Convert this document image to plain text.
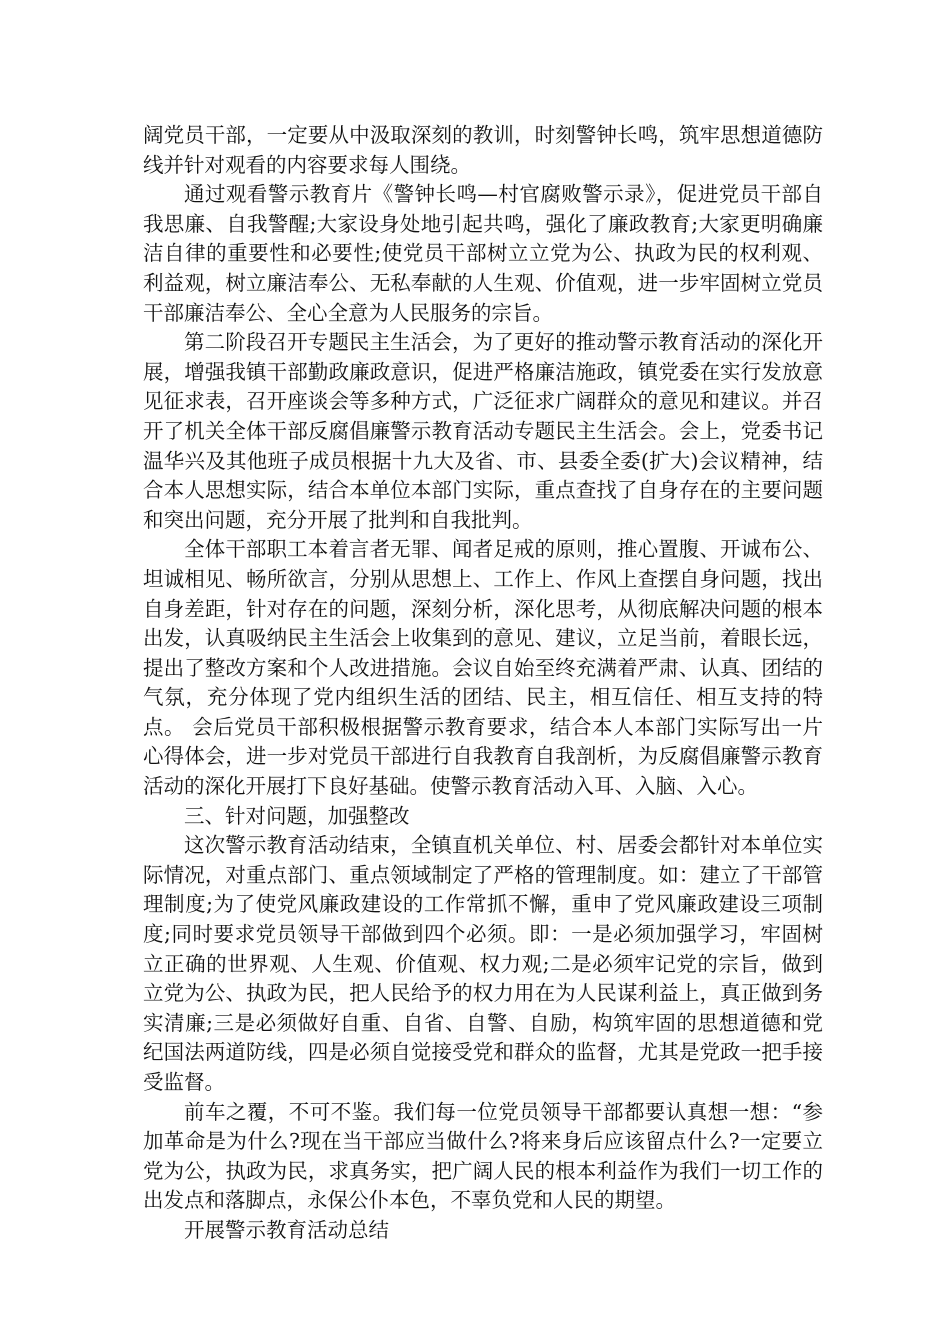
阔党员干部，一定要从中汲取深刻的教训，时刻警钟长鸣，筑牢思想道德防线并针对观看的内容要求每人围绕。

通过观看警示教育片《警钟长鸣—村官腐败警示录》，促进党员干部自我思廉、自我警醒;大家设身处地引起共鸣，强化了廉政教育;大家更明确廉洁自律的重要性和必要性;使党员干部树立立党为公、执政为民的权利观、利益观，树立廉洁奉公、无私奉献的人生观、价值观，进一步牢固树立党员干部廉洁奉公、全心全意为人民服务的宗旨。

第二阶段召开专题民主生活会，为了更好的推动警示教育活动的深化开展，增强我镇干部勤政廉政意识，促进严格廉洁施政，镇党委在实行发放意见征求表，召开座谈会等多种方式，广泛征求广阔群众的意见和建议。并召开了机关全体干部反腐倡廉警示教育活动专题民主生活会。会上，党委书记温华兴及其他班子成员根据十九大及省、市、县委全委(扩大)会议精神，结合本人思想实际，结合本单位本部门实际，重点查找了自身存在的主要问题和突出问题，充分开展了批判和自我批判。

全体干部职工本着言者无罪、闻者足戒的原则，推心置腹、开诚布公、坦诚相见、畅所欲言，分别从思想上、工作上、作风上查摆自身问题，找出自身差距，针对存在的问题，深刻分析，深化思考，从彻底解决问题的根本出发，认真吸纳民主生活会上收集到的意见、建议，立足当前，着眼长远，提出了整改方案和个人改进措施。会议自始至终充满着严肃、认真、团结的气氛，充分体现了党内组织生活的团结、民主，相互信任、相互支持的特点。 会后党员干部积极根据警示教育要求，结合本人本部门实际写出一片心得体会，进一步对党员干部进行自我教育自我剖析，为反腐倡廉警示教育活动的深化开展打下良好基础。使警示教育活动入耳、入脑、入心。

三、针对问题，加强整改

这次警示教育活动结束，全镇直机关单位、村、居委会都针对本单位实际情况，对重点部门、重点领域制定了严格的管理制度。如：建立了干部管理制度;为了使党风廉政建设的工作常抓不懈，重申了党风廉政建设三项制度;同时要求党员领导干部做到四个必须。即：一是必须加强学习，牢固树立正确的世界观、人生观、价值观、权力观;二是必须牢记党的宗旨，做到立党为公、执政为民，把人民给予的权力用在为人民谋利益上，真正做到务实清廉;三是必须做好自重、自省、自警、自励，构筑牢固的思想道德和党纪国法两道防线，四是必须自觉接受党和群众的监督，尤其是党政一把手接受监督。

前车之覆，不可不鉴。我们每一位党员领导干部都要认真想一想：“参加革命是为什么?现在当干部应当做什么?将来身后应该留点什么?一定要立党为公，执政为民，求真务实，把广阔人民的根本利益作为我们一切工作的出发点和落脚点，永保公仆本色，不辜负党和人民的期望。

开展警示教育活动总结
